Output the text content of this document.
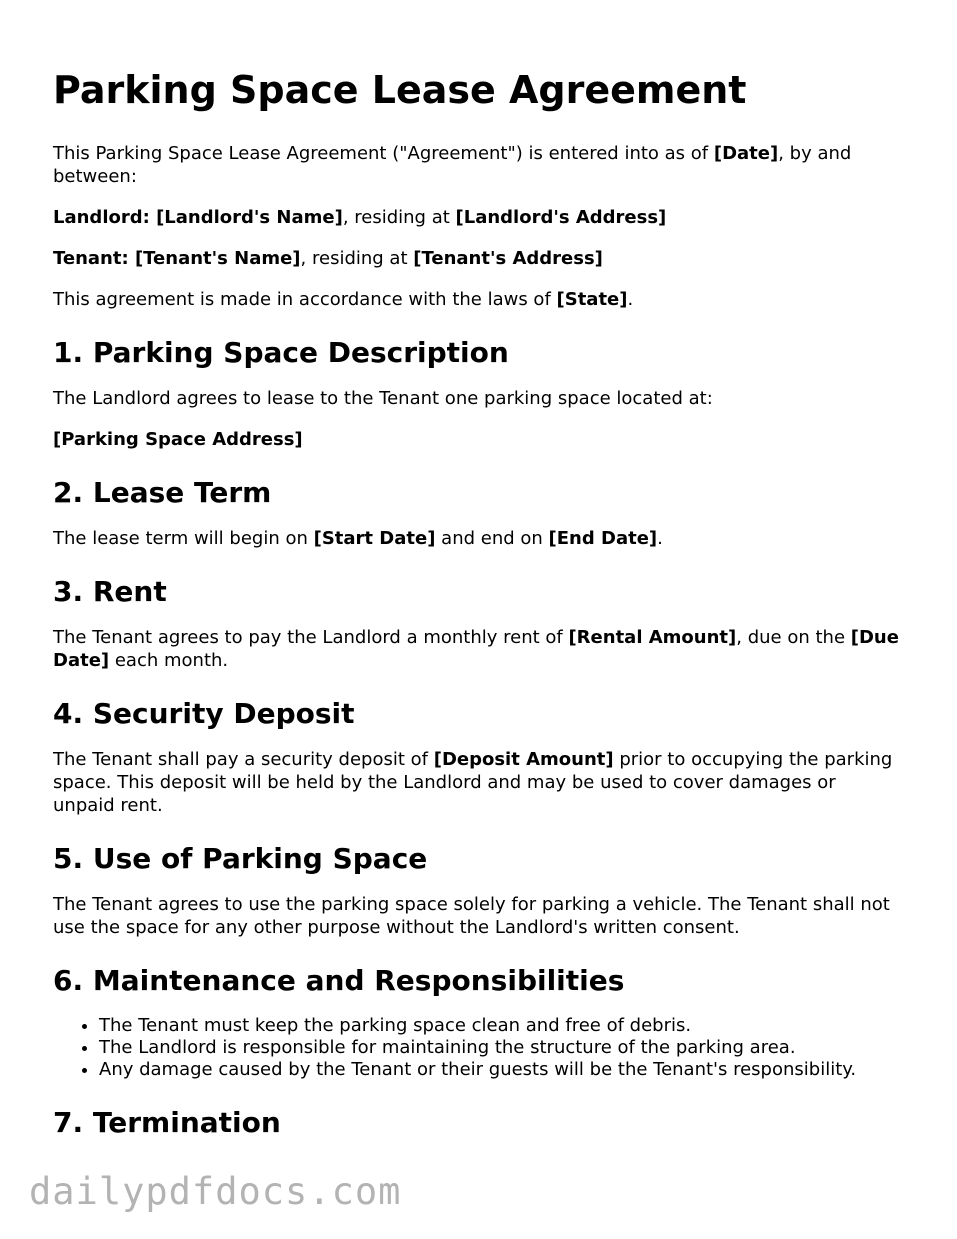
Parking Space Lease Agreement

This Parking Space Lease Agreement ("Agreement") is entered into as of [Date], by and between:

Landlord: [Landlord's Name], residing at [Landlord's Address]

Tenant: [Tenant's Name], residing at [Tenant's Address]

This agreement is made in accordance with the laws of [State].

1. Parking Space Description

The Landlord agrees to lease to the Tenant one parking space located at:

[Parking Space Address]

2. Lease Term

The lease term will begin on [Start Date] and end on [End Date].

3. Rent

The Tenant agrees to pay the Landlord a monthly rent of [Rental Amount], due on the [Due Date] each month.

4. Security Deposit

The Tenant shall pay a security deposit of [Deposit Amount] prior to occupying the parking space. This deposit will be held by the Landlord and may be used to cover damages or unpaid rent.

5. Use of Parking Space

The Tenant agrees to use the parking space solely for parking a vehicle. The Tenant shall not use the space for any other purpose without the Landlord's written consent.

6. Maintenance and Responsibilities
• The Tenant must keep the parking space clean and free of debris.
• The Landlord is responsible for maintaining the structure of the parking area.
• Any damage caused by the Tenant or their guests will be the Tenant's responsibility.
7. Termination
dailypdfdocs.com
